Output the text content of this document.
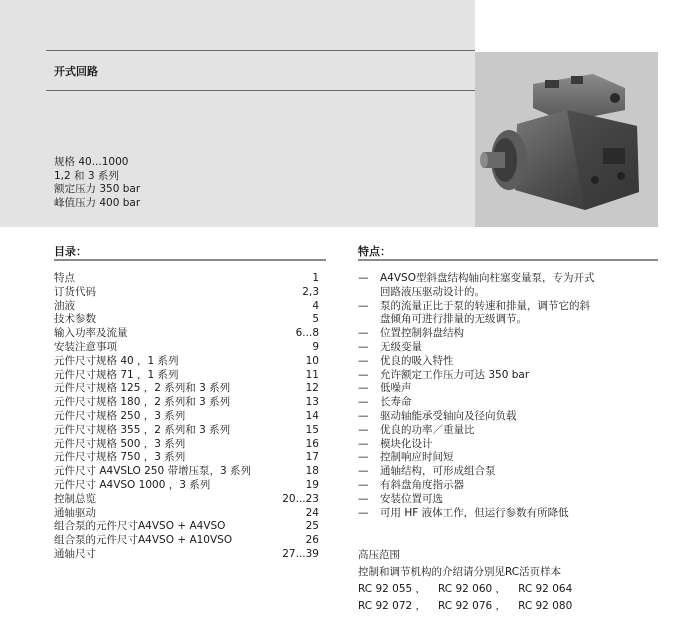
开式回路
规格 40...1000
1,2 和 3 系列
额定压力 350 bar
峰值压力 400 bar
目录：	特点：
特点	1
订货代码	2,3
油液	4
技术参数	5
输入功率及流量	6...8
安装注意事项	9
元件尺寸规格 40 ，1 系列	10
元件尺寸规格 71 ，1 系列	11
元件尺寸规格 125 ，2 系列和 3 系列	12
元件尺寸规格 180 ，2 系列和 3 系列	13
元件尺寸规格 250 ，3 系列	14
元件尺寸规格 355 ，2 系列和 3 系列	15
元件尺寸规格 500 ，3 系列	16
元件尺寸规格 750 ，3 系列	17
元件尺寸 A4VSLO 250 带增压泵，3 系列	18
元件尺寸 A4VSO 1000 ，3 系列	19
控制总览	20...23
通轴驱动	24
组合泵的元件尺寸A4VSO + A4VSO	25
组合泵的元件尺寸A4VSO + A10VSO	26
通轴尺寸	27...39
—	A4VSO型斜盘结构轴向柱塞变量泵，专为开式
回路液压驱动设计的。
—	泵的流量正比于泵的转速和排量，调节它的斜
盘倾角可进行排量的无级调节。
—	位置控制斜盘结构
—	无级变量
—	优良的吸入特性
—	允许额定工作压力可达 350 bar
—	低噪声
—	长寿命
—	驱动轴能承受轴向及径向负载
—	优良的功率／重量比
—	模块化设计
—	控制响应时间短
—	通轴结构，可形成组合泵
—	有斜盘角度指示器
—	安装位置可选
—	可用 HF 液体工作，但运行参数有所降低
高压范围
控制和调节机构的介绍请分别见RC活页样本
RC 92 055 ， RC 92 060 ， RC 92 064
RC 92 072 ， RC 92 076 ， RC 92 080
